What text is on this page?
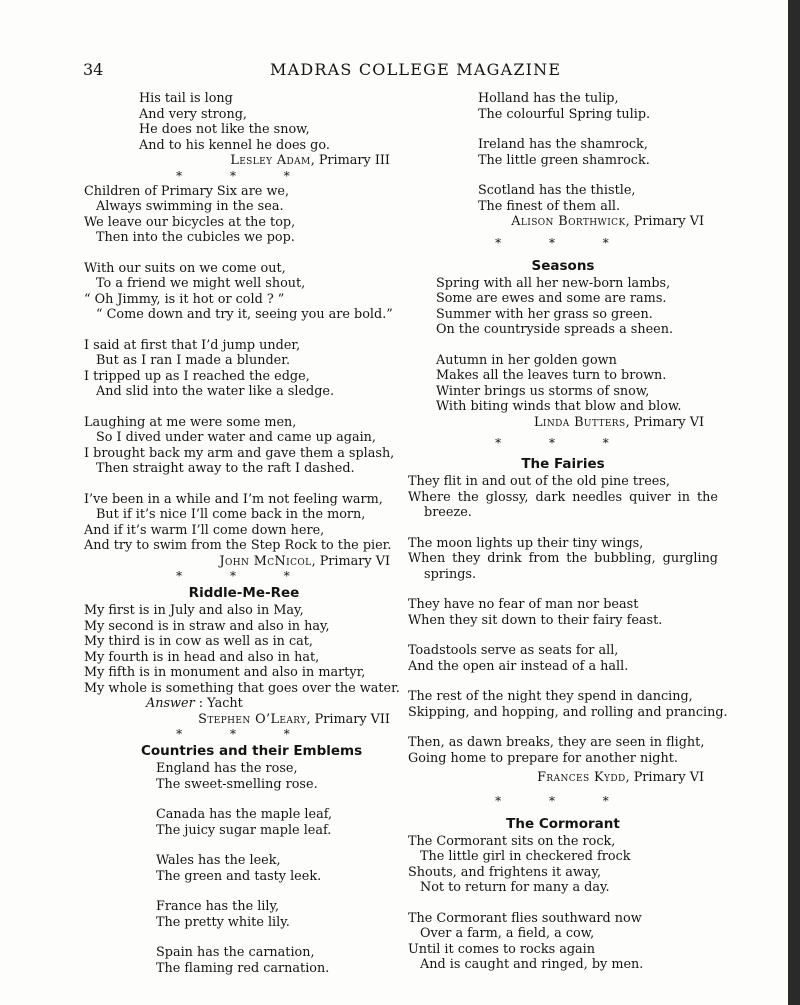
34	MADRAS COLLEGE MAGAZINE
His tail is long
And very strong,
He does not like the snow,
And to his kennel he does go.
Lesley Adam, Primary III
* * *
Children of Primary Six are we,
Always swimming in the sea.
We leave our bicycles at the top,
Then into the cubicles we pop.
With our suits on we come out,
To a friend we might well shout,
“ Oh Jimmy, is it hot or cold ? ”
“ Come down and try it, seeing you are bold.”
I said at first that I’d jump under,
But as I ran I made a blunder.
I tripped up as I reached the edge,
And slid into the water like a sledge.
Laughing at me were some men,
So I dived under water and came up again,
I brought back my arm and gave them a splash,
Then straight away to the raft I dashed.
I’ve been in a while and I’m not feeling warm,
But if it’s nice I’ll come back in the morn,
And if it’s warm I’ll come down here,
And try to swim from the Step Rock to the pier.
John McNicol, Primary VI
* * *
Riddle-Me-Ree
My first is in July and also in May,
My second is in straw and also in hay,
My third is in cow as well as in cat,
My fourth is in head and also in hat,
My fifth is in monument and also in martyr,
My whole is something that goes over the water.
Answer : Yacht
Stephen O’Leary, Primary VII
* * *
Countries and their Emblems
England has the rose,
The sweet-smelling rose.
Canada has the maple leaf,
The juicy sugar maple leaf.
Wales has the leek,
The green and tasty leek.
France has the lily,
The pretty white lily.
Spain has the carnation,
The flaming red carnation.
Holland has the tulip,
The colourful Spring tulip.
Ireland has the shamrock,
The little green shamrock.
Scotland has the thistle,
The finest of them all.
Alison Borthwick, Primary VI
* * *
Seasons
Spring with all her new-born lambs,
Some are ewes and some are rams.
Summer with her grass so green.
On the countryside spreads a sheen.
Autumn in her golden gown
Makes all the leaves turn to brown.
Winter brings us storms of snow,
With biting winds that blow and blow.
Linda Butters, Primary VI
* * *
The Fairies
They flit in and out of the old pine trees,
Where the glossy, dark needles quiver in the breeze.
The moon lights up their tiny wings,
When they drink from the bubbling, gurgling springs.
They have no fear of man nor beast
When they sit down to their fairy feast.
Toadstools serve as seats for all,
And the open air instead of a hall.
The rest of the night they spend in dancing,
Skipping, and hopping, and rolling and prancing.
Then, as dawn breaks, they are seen in flight,
Going home to prepare for another night.
Frances Kydd, Primary VI
* * *
The Cormorant
The Cormorant sits on the rock,
The little girl in checkered frock
Shouts, and frightens it away,
Not to return for many a day.
The Cormorant flies southward now
Over a farm, a field, a cow,
Until it comes to rocks again
And is caught and ringed, by men.
